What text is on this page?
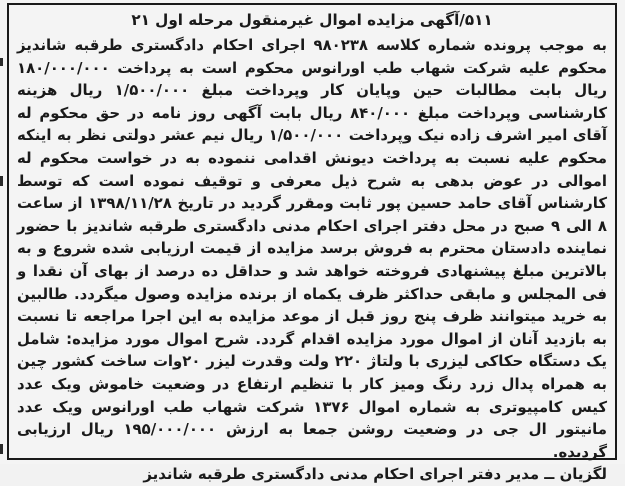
۵۱۱/آگهی مزایده اموال غیرمنقول مرحله اول ۲۱

به موجب پرونده شماره کلاسه ۹۸۰۲۳۸ اجرای احکام دادگستری طرقبه شاندیز محکوم علیه شرکت شهاب طب اورانوس محکوم است به پرداخت ۱۸۰/۰۰۰/۰۰۰ ریال بابت مطالبات حین وپایان کار وپرداخت مبلغ ۱/۵۰۰/۰۰۰ ریال هزینه کارشناسی وپرداخت مبلغ ۸۴۰/۰۰۰ ریال بابت آگهی روز نامه در حق محکوم له آقای امیر اشرف زاده نیک وپرداخت ۱/۵۰۰/۰۰۰ ریال نیم عشر دولتی نظر به اینکه محکوم علیه نسبت به پرداخت دیونش اقدامی ننموده به در خواست محکوم له اموالی در عوض بدهی به شرح ذیل معرفی و توقیف نموده است که توسط کارشناس آقای حامد حسین پور ثابت ومقرر گردید در تاریخ ۱۳۹۸/۱۱/۲۸ از ساعت ۸ الی ۹ صبح در محل دفتر اجرای احکام مدنی دادگستری طرقبه شاندیز با حضور نماینده دادستان محترم به فروش برسد مزایده از قیمت ارزیابی شده شروع و به بالاترین مبلغ پیشنهادی فروخته خواهد شد و حداقل ده درصد از بهای آن نقدا و فی المجلس و مابقی حداکثر ظرف یکماه از برنده مزایده وصول میگردد. طالبین به خرید میتوانند ظرف پنج روز قبل از موعد مزایده به این اجرا مراجعه تا نسبت به بازدید آنان از اموال مورد مزایده اقدام گردد. شرح اموال مورد مزایده: شامل یک دستگاه حکاکی لیزری با ولتاژ ۲۲۰ ولت وقدرت لیزر ۲۰وات ساخت کشور چین به همراه پدال زرد رنگ ومیز کار با تنظیم ارتفاع در وضعیت خاموش ویک عدد کیس کامپیوتری به شماره اموال ۱۳۷۶ شرکت شهاب طب اورانوس ویک عدد مانیتور ال جی در وضعیت روشن جمعا به ارزش ۱۹۵/۰۰۰/۰۰۰ ریال ارزیابی گردیده.

لگزیان ــ مدیر دفتر اجرای احکام مدنی دادگستری طرقبه شاندیز
